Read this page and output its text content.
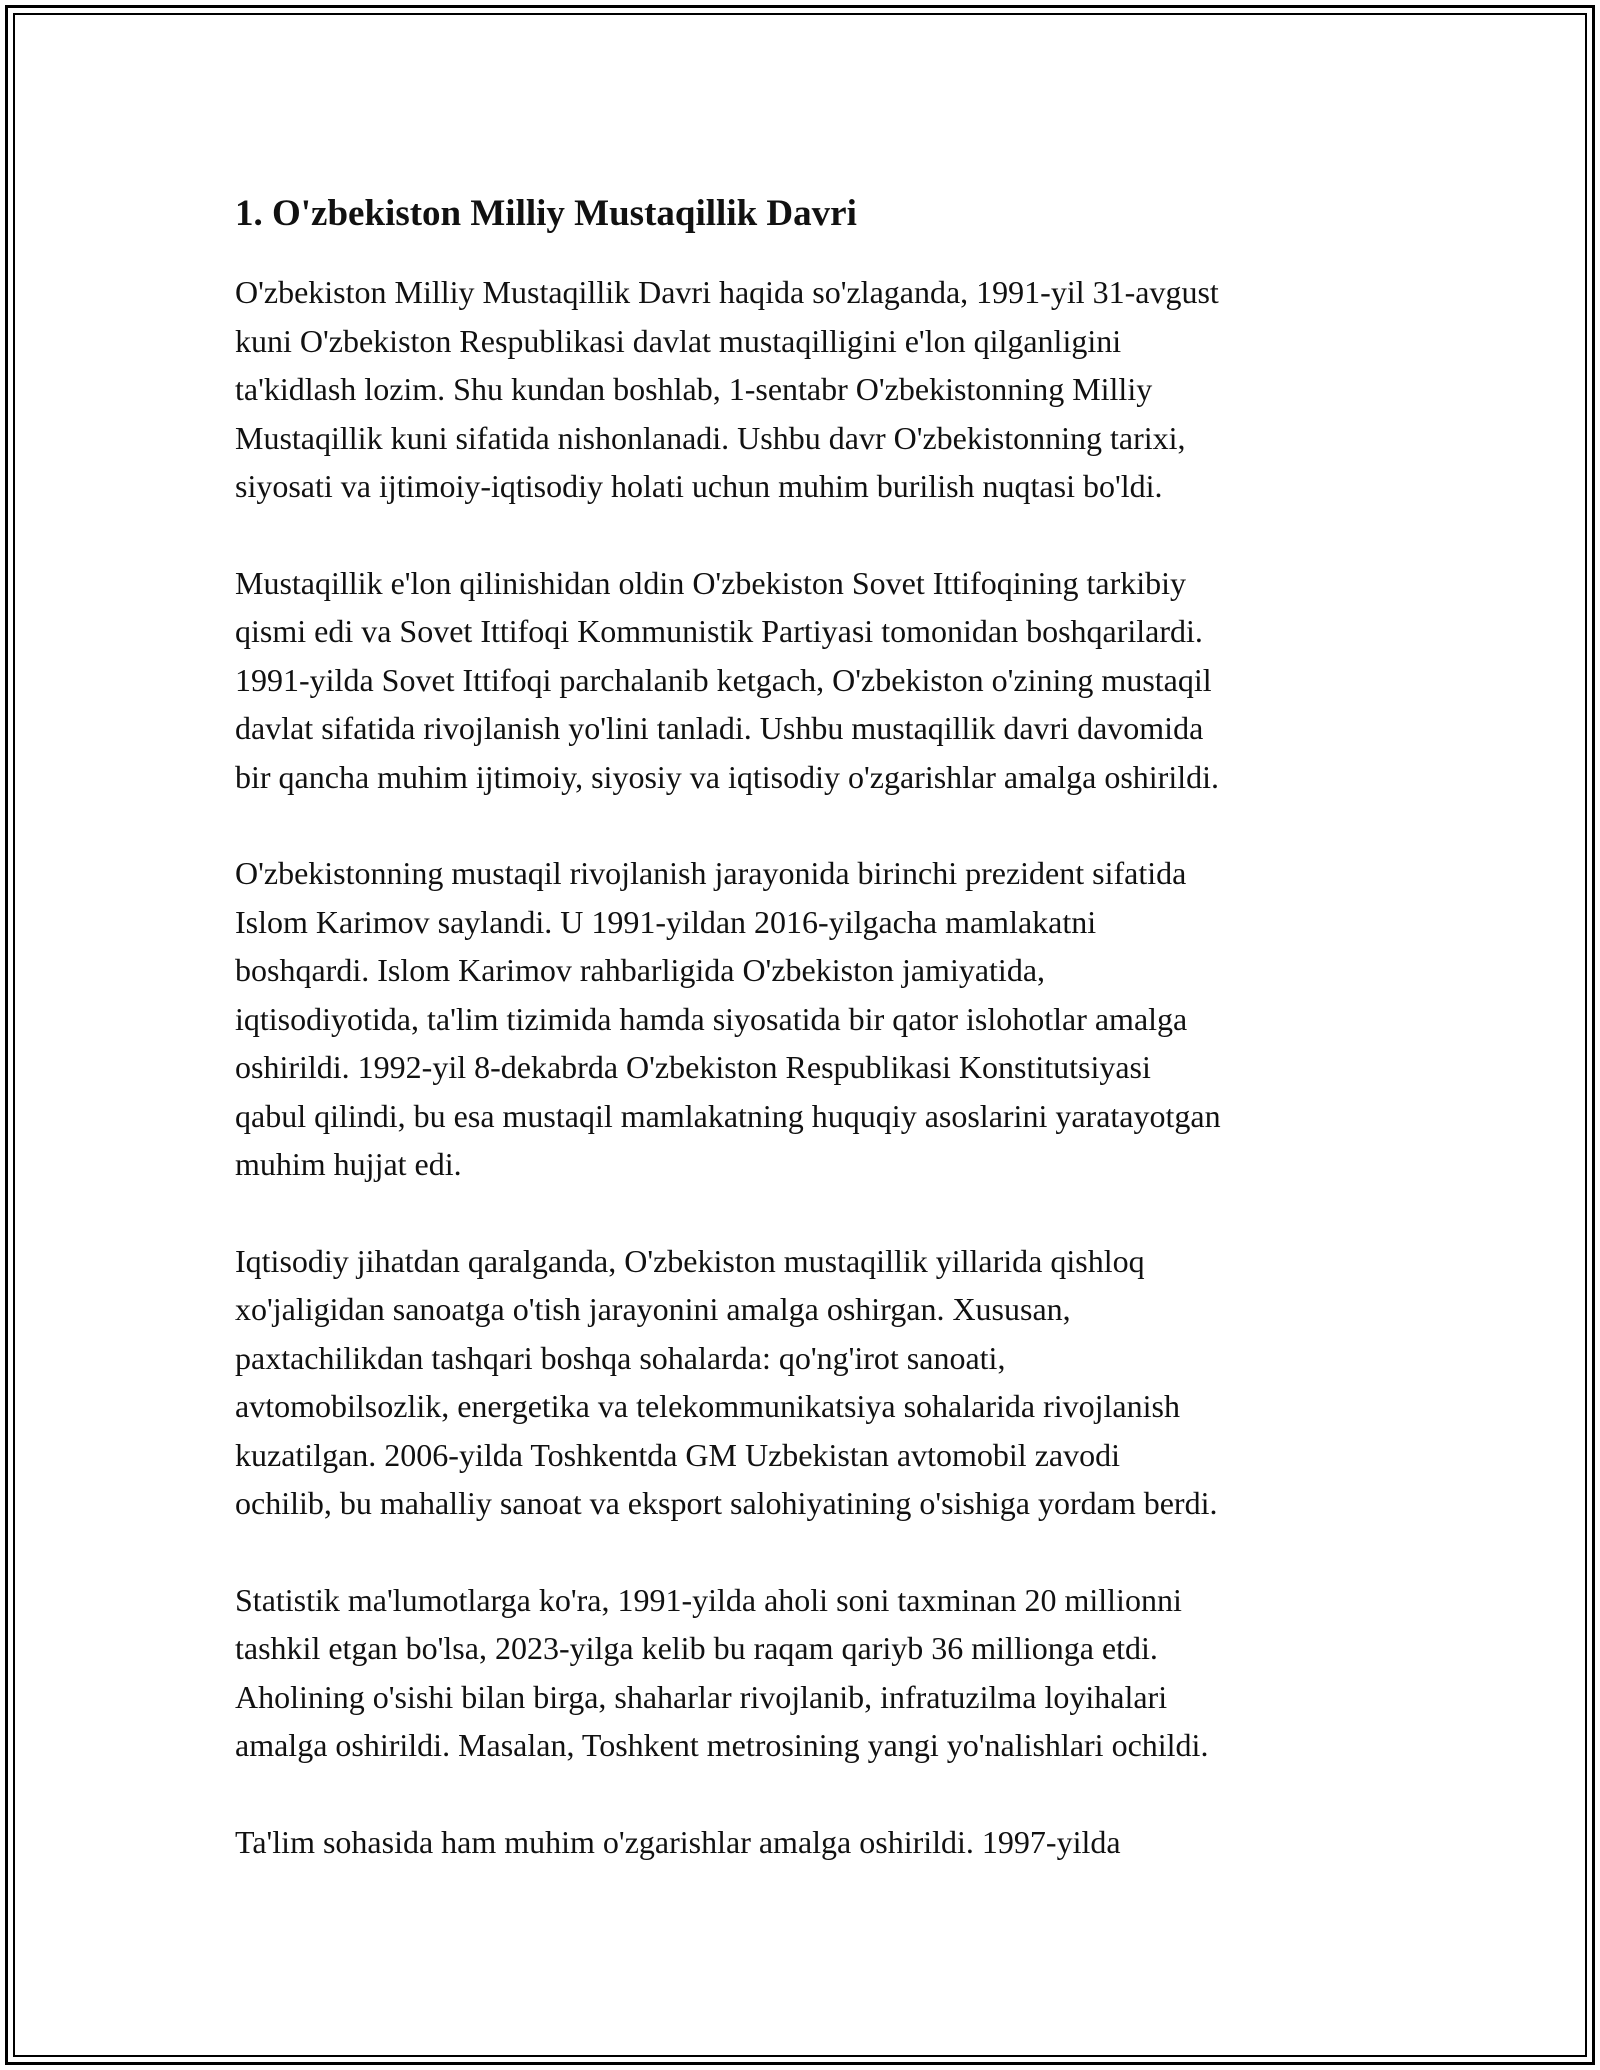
1. O'zbekiston Milliy Mustaqillik Davri

O'zbekiston Milliy Mustaqillik Davri haqida so'zlaganda, 1991-yil 31-avgust
kuni O'zbekiston Respublikasi davlat mustaqilligini e'lon qilganligini
ta'kidlash lozim. Shu kundan boshlab, 1-sentabr O'zbekistonning Milliy
Mustaqillik kuni sifatida nishonlanadi. Ushbu davr O'zbekistonning tarixi,
siyosati va ijtimoiy-iqtisodiy holati uchun muhim burilish nuqtasi bo'ldi.

Mustaqillik e'lon qilinishidan oldin O'zbekiston Sovet Ittifoqining tarkibiy
qismi edi va Sovet Ittifoqi Kommunistik Partiyasi tomonidan boshqarilardi.
1991-yilda Sovet Ittifoqi parchalanib ketgach, O'zbekiston o'zining mustaqil
davlat sifatida rivojlanish yo'lini tanladi. Ushbu mustaqillik davri davomida
bir qancha muhim ijtimoiy, siyosiy va iqtisodiy o'zgarishlar amalga oshirildi.

O'zbekistonning mustaqil rivojlanish jarayonida birinchi prezident sifatida
Islom Karimov saylandi. U 1991-yildan 2016-yilgacha mamlakatni
boshqardi. Islom Karimov rahbarligida O'zbekiston jamiyatida,
iqtisodiyotida, ta'lim tizimida hamda siyosatida bir qator islohotlar amalga
oshirildi. 1992-yil 8-dekabrda O'zbekiston Respublikasi Konstitutsiyasi
qabul qilindi, bu esa mustaqil mamlakatning huquqiy asoslarini yaratayotgan
muhim hujjat edi.

Iqtisodiy jihatdan qaralganda, O'zbekiston mustaqillik yillarida qishloq
xo'jaligidan sanoatga o'tish jarayonini amalga oshirgan. Xususan,
paxtachilikdan tashqari boshqa sohalarda: qo'ng'irot sanoati,
avtomobilsozlik, energetika va telekommunikatsiya sohalarida rivojlanish
kuzatilgan. 2006-yilda Toshkentda GM Uzbekistan avtomobil zavodi
ochilib, bu mahalliy sanoat va eksport salohiyatining o'sishiga yordam berdi.

Statistik ma'lumotlarga ko'ra, 1991-yilda aholi soni taxminan 20 millionni
tashkil etgan bo'lsa, 2023-yilga kelib bu raqam qariyb 36 millionga etdi.
Aholining o'sishi bilan birga, shaharlar rivojlanib, infratuzilma loyihalari
amalga oshirildi. Masalan, Toshkent metrosining yangi yo'nalishlari ochildi.

Ta'lim sohasida ham muhim o'zgarishlar amalga oshirildi. 1997-yilda
